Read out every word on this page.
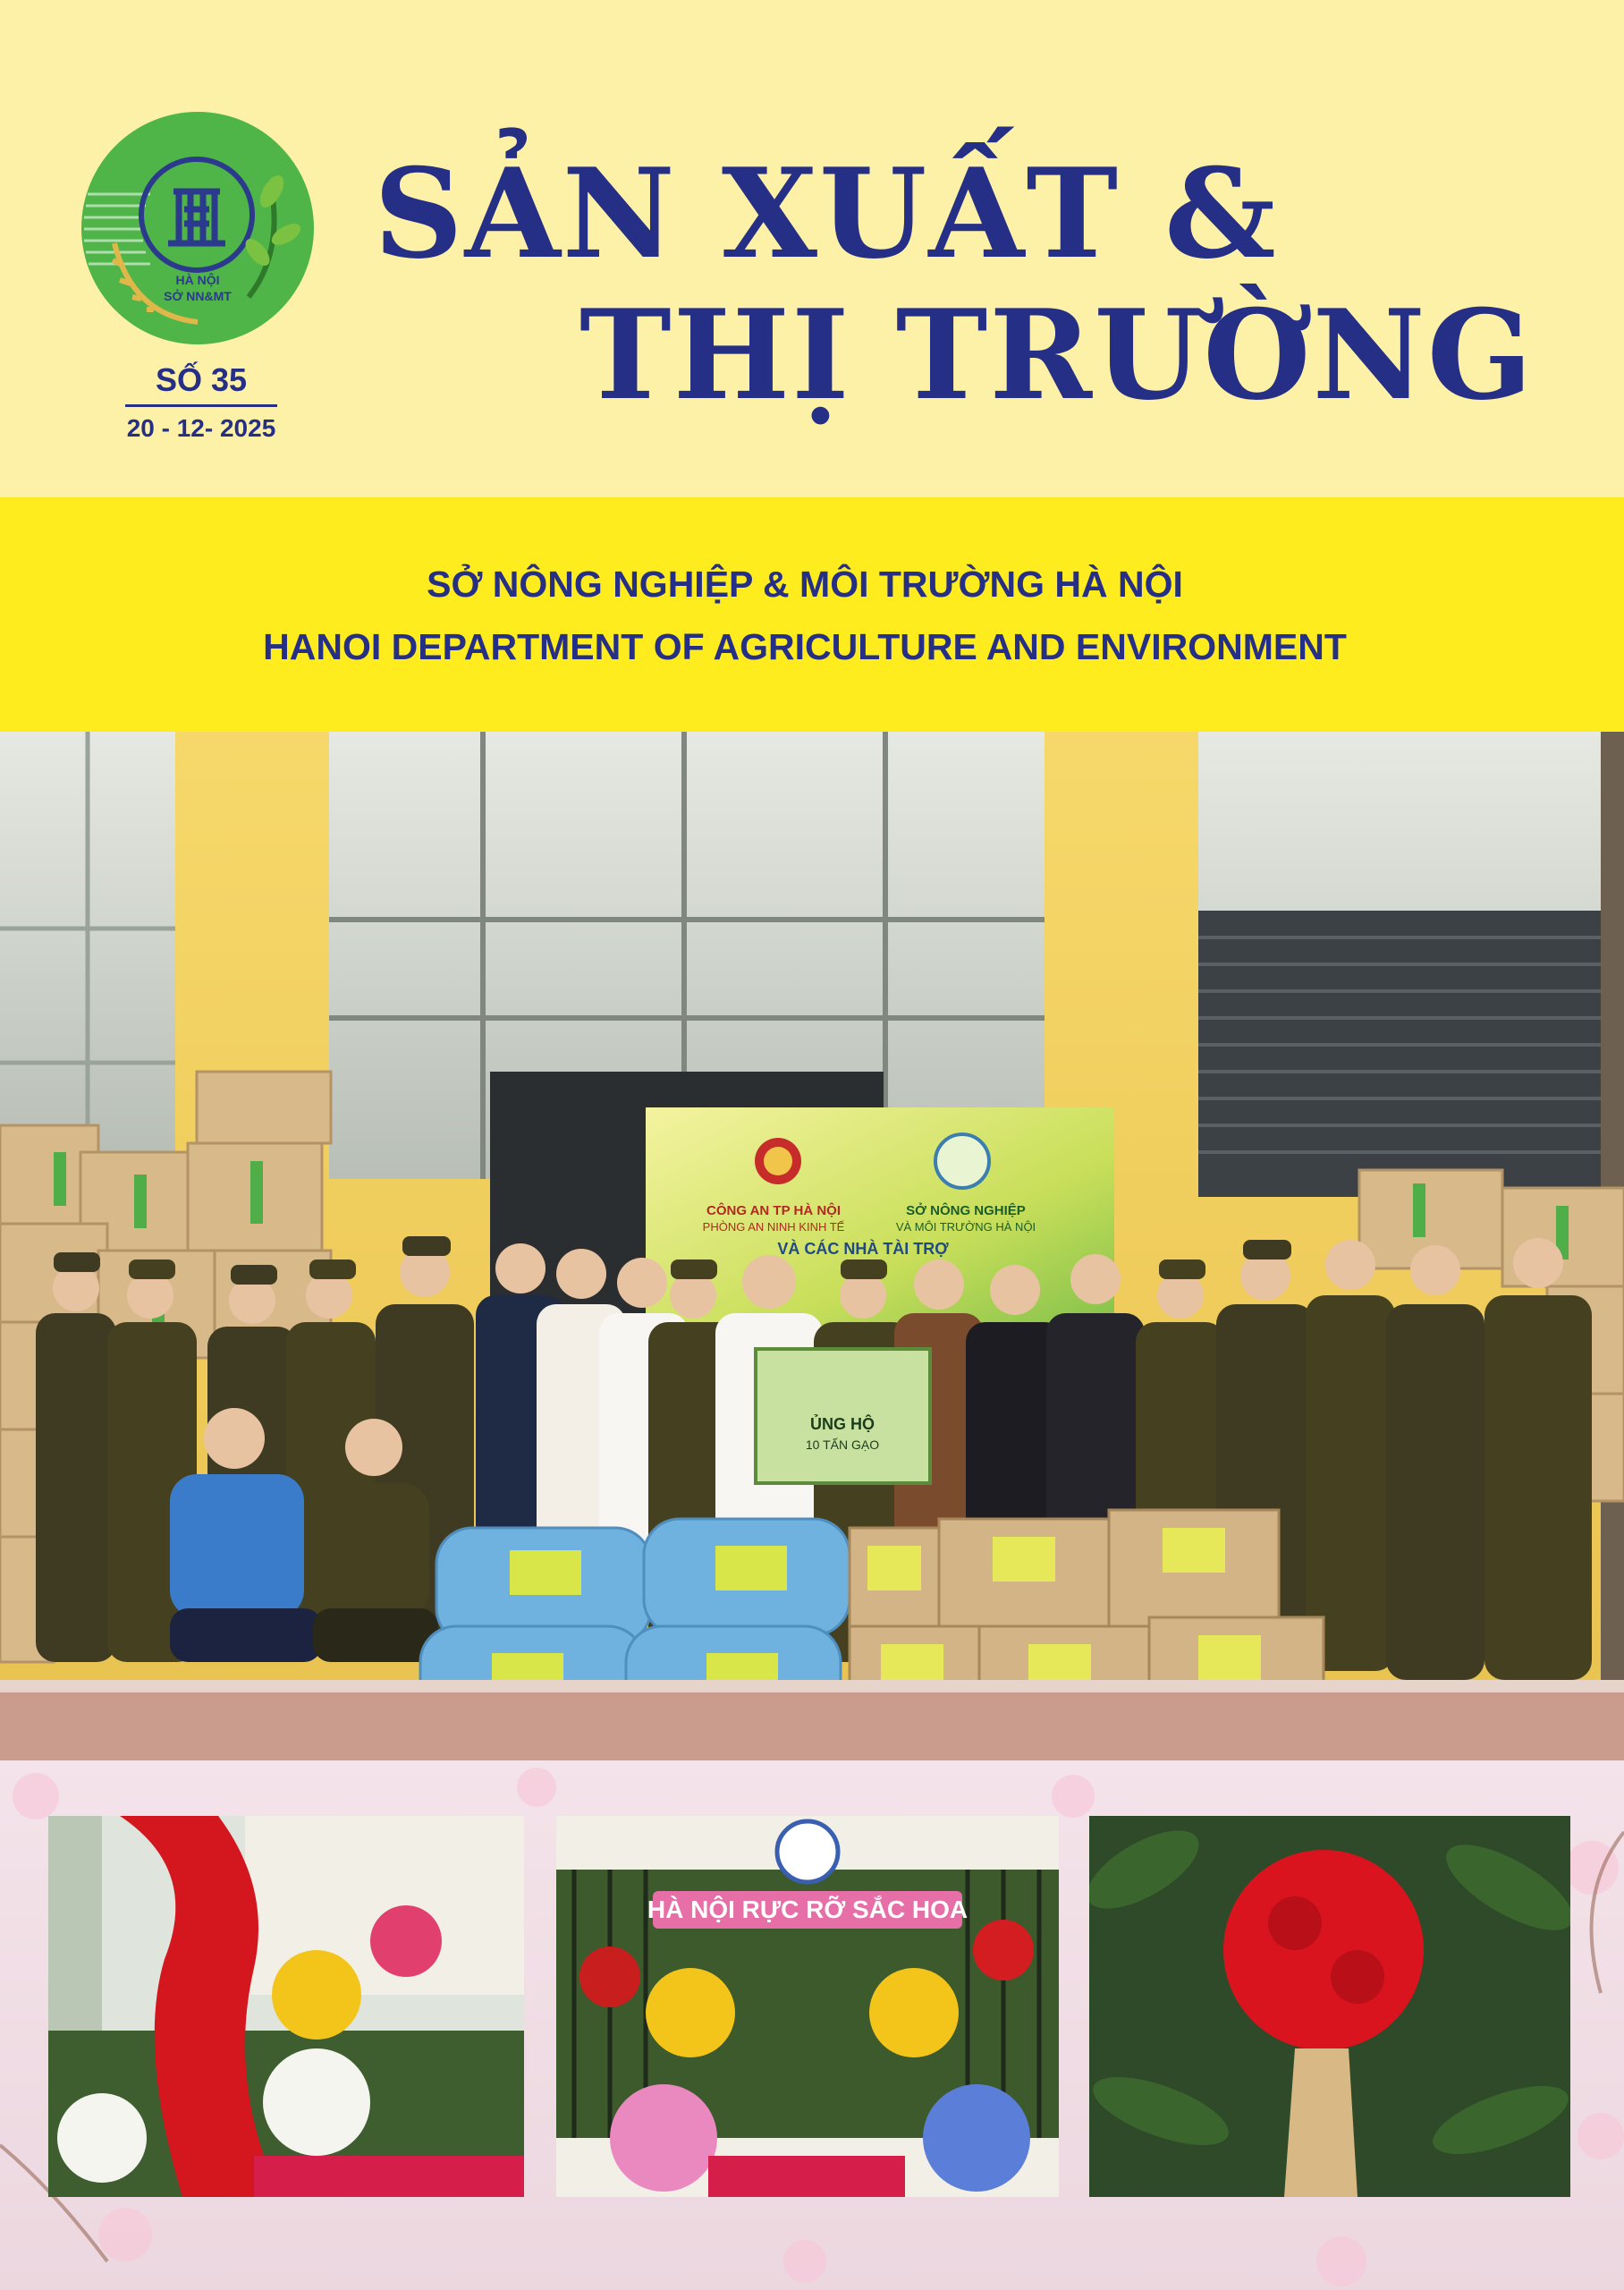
HÀ NỘI
SỞ NN&MT
SỐ 35
20 - 12- 2025
SẢN XUẤT &
THỊ TRƯỜNG
SỞ NÔNG NGHIỆP & MÔI TRƯỜNG HÀ NỘI
HANOI DEPARTMENT OF AGRICULTURE AND ENVIRONMENT
CÔNG AN TP HÀ NỘI
PHÒNG AN NINH KINH TẾ
SỞ NÔNG NGHIỆP
VÀ MÔI TRƯỜNG HÀ NỘI
VÀ CÁC NHÀ TÀI TRỢ
ỦNG HỘ
10 TẤN GẠO
HÀ NỘI RỰC RỠ SẮC HOA
